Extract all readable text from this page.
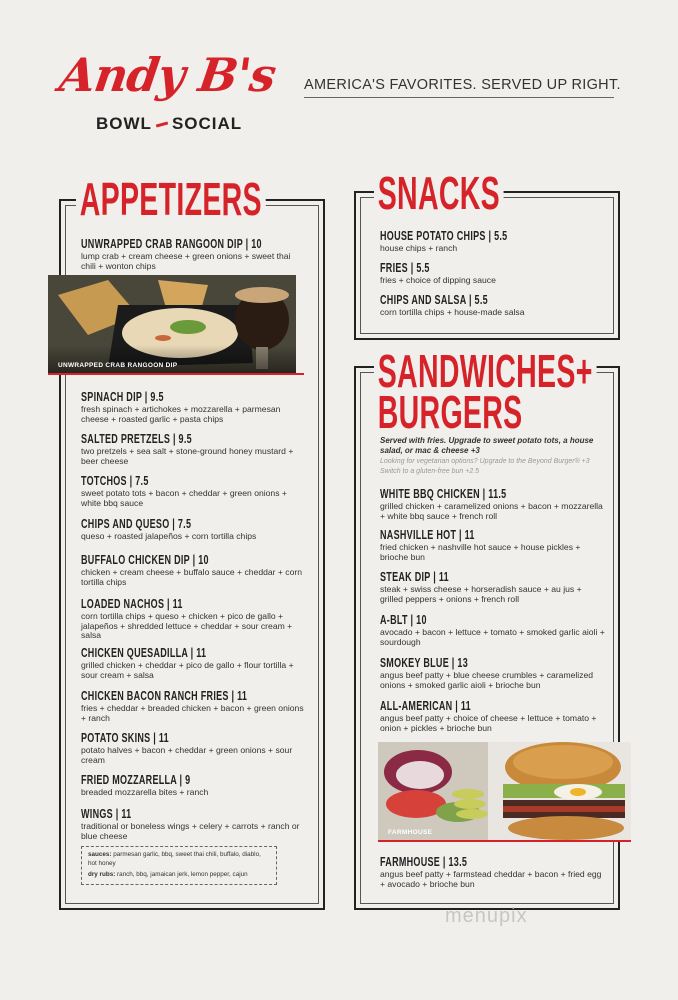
Andy B's
BOWL SOCIAL
AMERICA'S FAVORITES. SERVED UP RIGHT.
APPETIZERS
UNWRAPPED CRAB RANGOON DIP | 10
lump crab + cream cheese + green onions + sweet thai chili + wonton chips
UNWRAPPED CRAB RANGOON DIP
SPINACH DIP | 9.5
fresh spinach + artichokes + mozzarella + parmesan cheese + roasted garlic + pasta chips
SALTED PRETZELS | 9.5
two pretzels + sea salt + stone-ground honey mustard + beer cheese
TOTCHOS | 7.5
sweet potato tots + bacon + cheddar + green onions + white bbq sauce
CHIPS AND QUESO | 7.5
queso + roasted jalapeños + corn tortilla chips
BUFFALO CHICKEN DIP | 10
chicken + cream cheese + buffalo sauce + cheddar + corn tortilla chips
LOADED NACHOS | 11
corn tortilla chips + queso + chicken + pico de gallo + jalapeños + shredded lettuce + cheddar + sour cream + salsa
CHICKEN QUESADILLA | 11
grilled chicken + cheddar + pico de gallo + flour tortilla + sour cream + salsa
CHICKEN BACON RANCH FRIES | 11
fries + cheddar + breaded chicken + bacon + green onions + ranch
POTATO SKINS | 11
potato halves + bacon + cheddar + green onions + sour cream
FRIED MOZZARELLA | 9
breaded mozzarella bites + ranch
WINGS | 11
traditional or boneless wings + celery + carrots + ranch or blue cheese
sauces: parmesan garlic, bbq, sweet thai chili, buffalo, diablo, hot honey
dry rubs: ranch, bbq, jamaican jerk, lemon pepper, cajun
SNACKS
HOUSE POTATO CHIPS | 5.5
house chips + ranch
FRIES | 5.5
fries + choice of dipping sauce
CHIPS AND SALSA | 5.5
corn tortilla chips + house-made salsa
SANDWICHES+
BURGERS
Served with fries. Upgrade to sweet potato tots, a house salad, or mac & cheese +3
Looking for vegetarian options? Upgrade to the Beyond Burger® +3 Switch to a gluten-free bun +2.5
WHITE BBQ CHICKEN | 11.5
grilled chicken + caramelized onions + bacon + mozzarella + white bbq sauce + french roll
NASHVILLE HOT | 11
fried chicken + nashville hot sauce + house pickles + brioche bun
STEAK DIP | 11
steak + swiss cheese + horseradish sauce + au jus + grilled peppers + onions + french roll
A-BLT | 10
avocado + bacon + lettuce + tomato + smoked garlic aioli + sourdough
SMOKEY BLUE | 13
angus beef patty + blue cheese crumbles + caramelized onions + smoked garlic aioli + brioche bun
ALL-AMERICAN | 11
angus beef patty + choice of cheese + lettuce + tomato + onion + pickles + brioche bun
FARMHOUSE
FARMHOUSE | 13.5
angus beef patty + farmstead cheddar + bacon + fried egg + avocado + brioche bun
menupix
